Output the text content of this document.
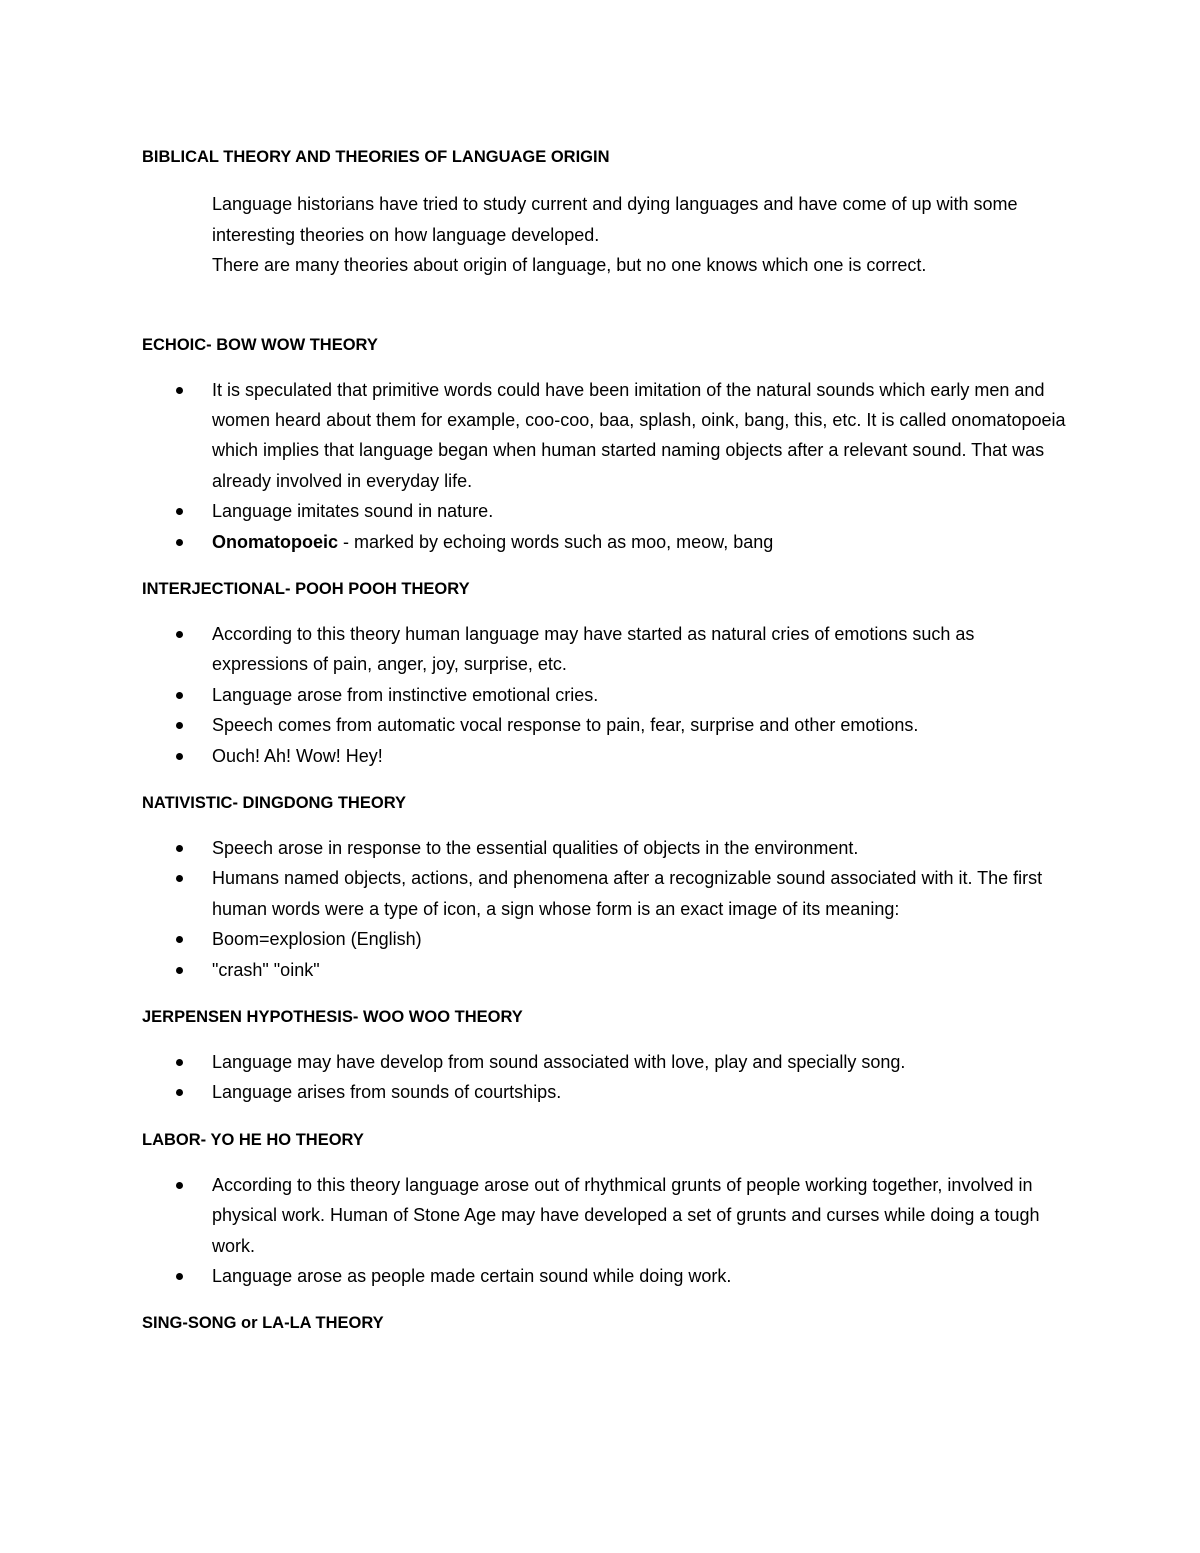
BIBLICAL THEORY AND THEORIES OF LANGUAGE ORIGIN

Language historians have tried to study current and dying languages and have come of up with some interesting theories on how language developed.

There are many theories about origin of language, but no one knows which one is correct.

ECHOIC- BOW WOW THEORY
It is speculated that primitive words could have been imitation of the natural sounds which early men and women heard about them for example, coo-coo, baa, splash, oink, bang, this, etc. It is called onomatopoeia which implies that language began when human started naming objects after a relevant sound. That was already involved in everyday life.
Language imitates sound in nature.
Onomatopoeic - marked by echoing words such as moo, meow, bang
INTERJECTIONAL- POOH POOH THEORY
According to this theory human language may have started as natural cries of emotions such as expressions of pain, anger, joy, surprise, etc.
Language arose from instinctive emotional cries.
Speech comes from automatic vocal response to pain, fear, surprise and other emotions.
Ouch! Ah! Wow! Hey!
NATIVISTIC- DINGDONG THEORY
Speech arose in response to the essential qualities of objects in the environment.
Humans named objects, actions, and phenomena after a recognizable sound associated with it. The first human words were a type of icon, a sign whose form is an exact image of its meaning:
Boom=explosion (English)
"crash" "oink"
JERPENSEN HYPOTHESIS- WOO WOO THEORY
Language may have develop from sound associated with love, play and specially song.
Language arises from sounds of courtships.
LABOR- YO HE HO THEORY
According to this theory language arose out of rhythmical grunts of people working together, involved in physical work. Human of Stone Age may have developed a set of grunts and curses while doing a tough work.
Language arose as people made certain sound while doing work.
SING-SONG or LA-LA THEORY
